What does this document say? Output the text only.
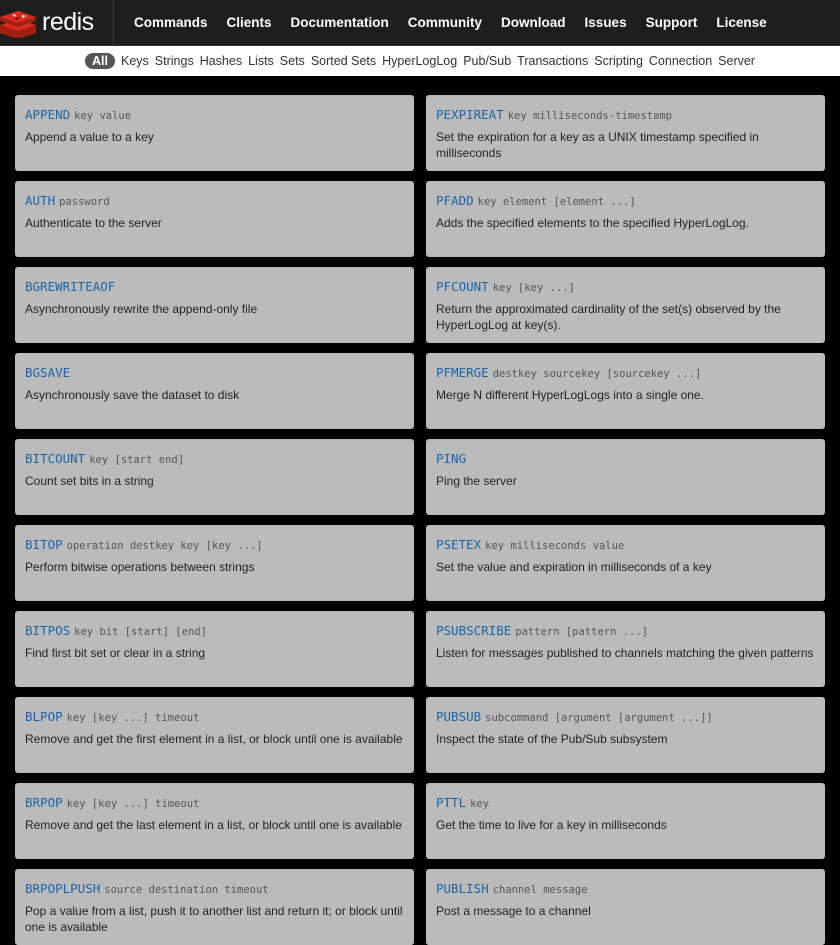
redis	Commands Clients Documentation Community Download Issues Support License
All	Keys Strings Hashes Lists Sets Sorted Sets HyperLogLog Pub/Sub Transactions Scripting Connection Server
APPEND key value
Append a value to a key
PEXPIREAT key milliseconds-timestamp
Set the expiration for a key as a UNIX timestamp specified in milliseconds
AUTH password
Authenticate to the server
PFADD key element [element ...]
Adds the specified elements to the specified HyperLogLog.
BGREWRITEAOF
Asynchronously rewrite the append-only file
PFCOUNT key [key ...]
Return the approximated cardinality of the set(s) observed by the HyperLogLog at key(s).
BGSAVE
Asynchronously save the dataset to disk
PFMERGE destkey sourcekey [sourcekey ...]
Merge N different HyperLogLogs into a single one.
BITCOUNT key [start end]
Count set bits in a string
PING
Ping the server
BITOP operation destkey key [key ...]
Perform bitwise operations between strings
PSETEX key milliseconds value
Set the value and expiration in milliseconds of a key
BITPOS key bit [start] [end]
Find first bit set or clear in a string
PSUBSCRIBE pattern [pattern ...]
Listen for messages published to channels matching the given patterns
BLPOP key [key ...] timeout
Remove and get the first element in a list, or block until one is available
PUBSUB subcommand [argument [argument ...]]
Inspect the state of the Pub/Sub subsystem
BRPOP key [key ...] timeout
Remove and get the last element in a list, or block until one is available
PTTL key
Get the time to live for a key in milliseconds
BRPOPLPUSH source destination timeout
Pop a value from a list, push it to another list and return it; or block until one is available
PUBLISH channel message
Post a message to a channel
